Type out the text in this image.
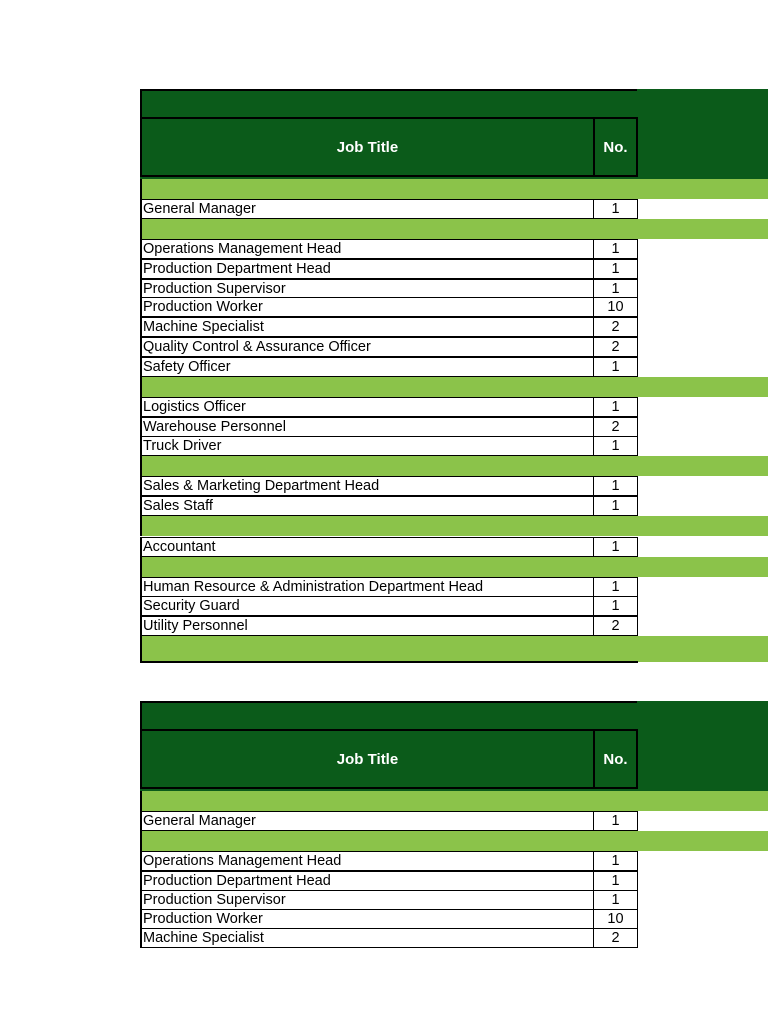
Job Title	No.
General Manager	1
Operations Management Head	1
Production Department Head	1
Production Supervisor	1
Production Worker	10
Machine Specialist	2
Quality Control & Assurance Officer	2
Safety Officer	1
Logistics Officer	1
Warehouse Personnel	2
Truck Driver	1
Sales & Marketing Department Head	1
Sales Staff	1
Accountant	1
Human Resource & Administration Department Head	1
Security Guard	1
Utility Personnel	2
Job Title	No.
General Manager	1
Operations Management Head	1
Production Department Head	1
Production Supervisor	1
Production Worker	10
Machine Specialist	2
